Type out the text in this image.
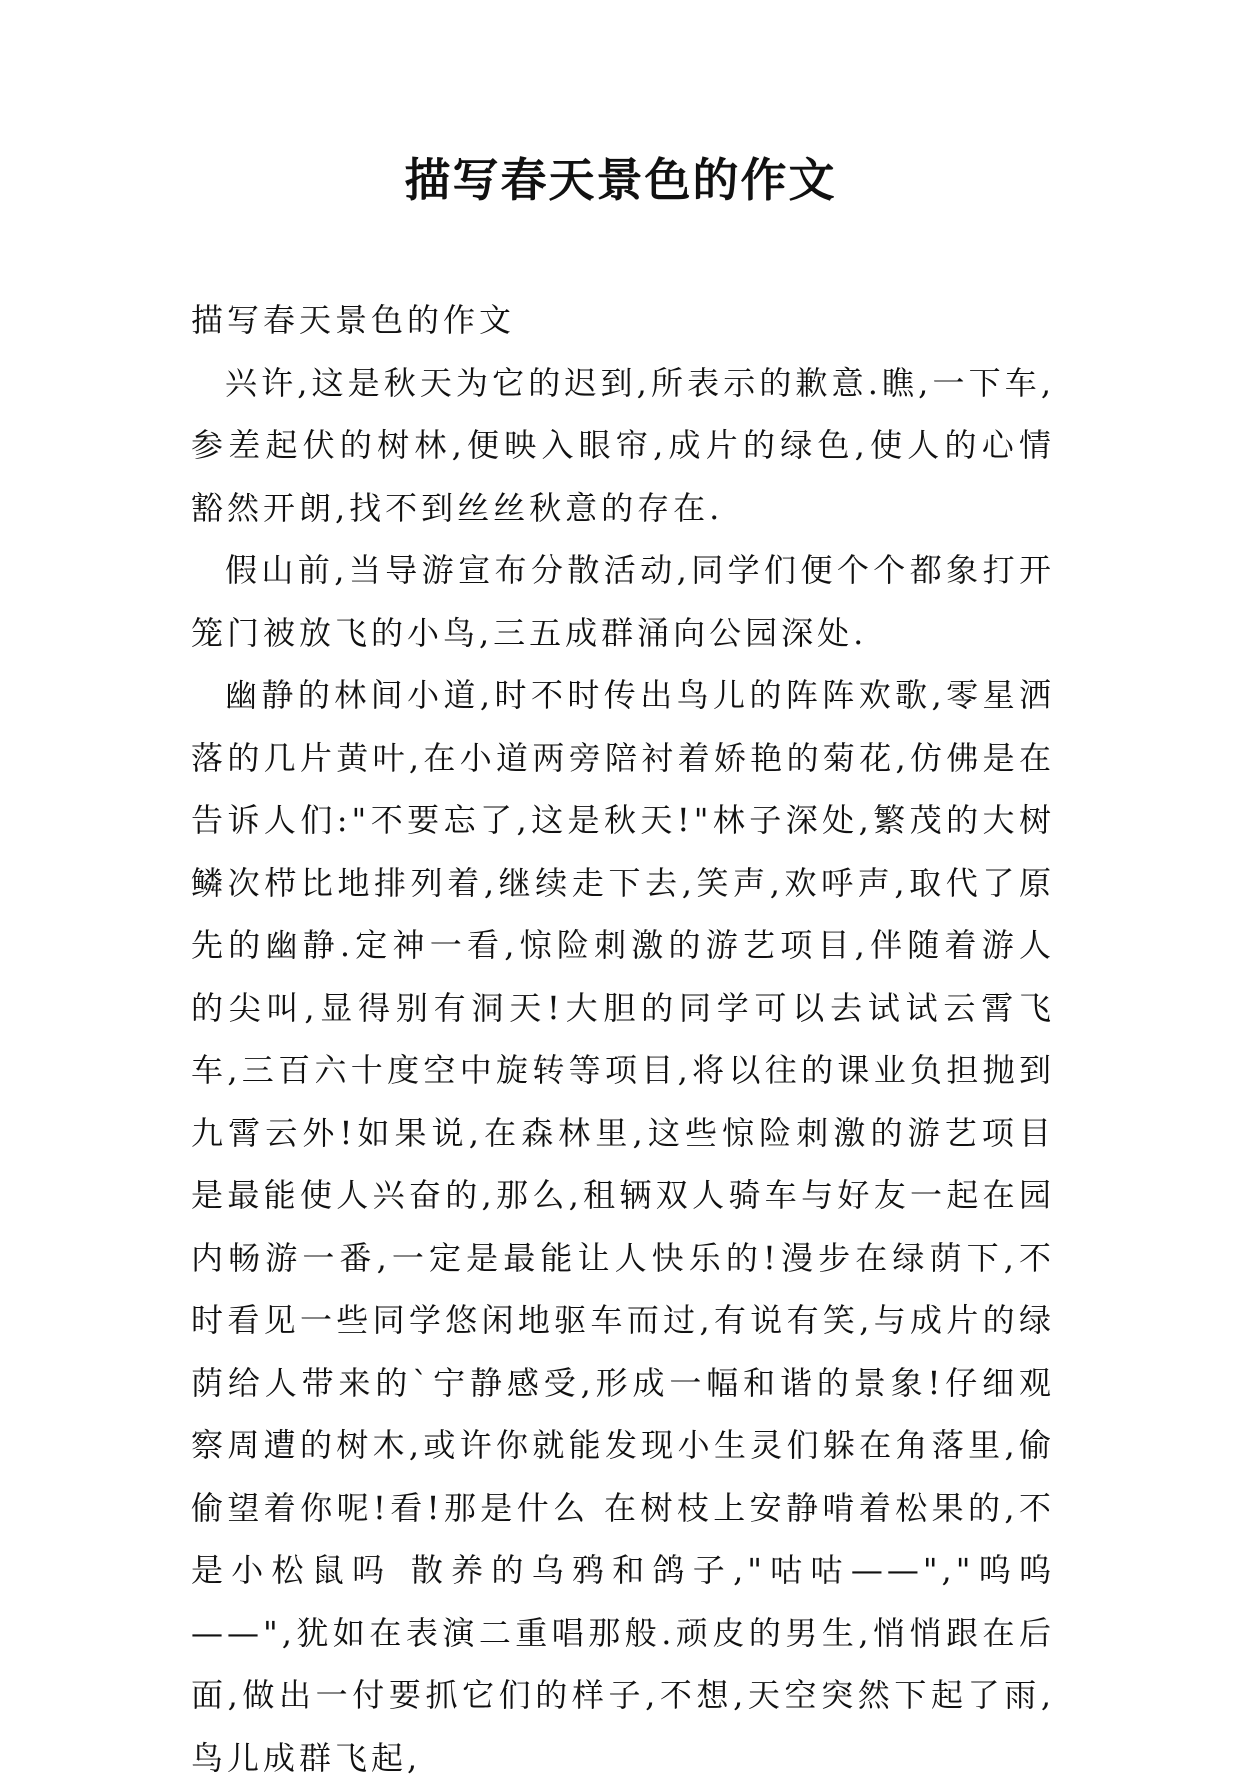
描写春天景色的作文

描写春天景色的作文

兴许,这是秋天为它的迟到,所表示的歉意.瞧,一下车,参差起伏的树林,便映入眼帘,成片的绿色,使人的心情豁然开朗,找不到丝丝秋意的存在.

假山前,当导游宣布分散活动,同学们便个个都象打开笼门被放飞的小鸟,三五成群涌向公园深处.

幽静的林间小道,时不时传出鸟儿的阵阵欢歌,零星洒落的几片黄叶,在小道两旁陪衬着娇艳的菊花,仿佛是在告诉人们:"不要忘了,这是秋天!"林子深处,繁茂的大树鳞次栉比地排列着,继续走下去,笑声,欢呼声,取代了原先的幽静.定神一看,惊险刺激的游艺项目,伴随着游人的尖叫,显得别有洞天!大胆的同学可以去试试云霄飞车,三百六十度空中旋转等项目,将以往的课业负担抛到九霄云外!如果说,在森林里,这些惊险刺激的游艺项目是最能使人兴奋的,那么,租辆双人骑车与好友一起在园内畅游一番,一定是最能让人快乐的!漫步在绿荫下,不时看见一些同学悠闲地驱车而过,有说有笑,与成片的绿荫给人带来的`宁静感受,形成一幅和谐的景象!仔细观察周遭的树木,或许你就能发现小生灵们躲在角落里,偷偷望着你呢!看!那是什么 在树枝上安静啃着松果的,不是小松鼠吗 散养的乌鸦和鸽子,"咕咕——","呜呜——",犹如在表演二重唱那般.顽皮的男生,悄悄跟在后面,做出一付要抓它们的样子,不想,天空突然下起了雨,鸟儿成群飞起,
